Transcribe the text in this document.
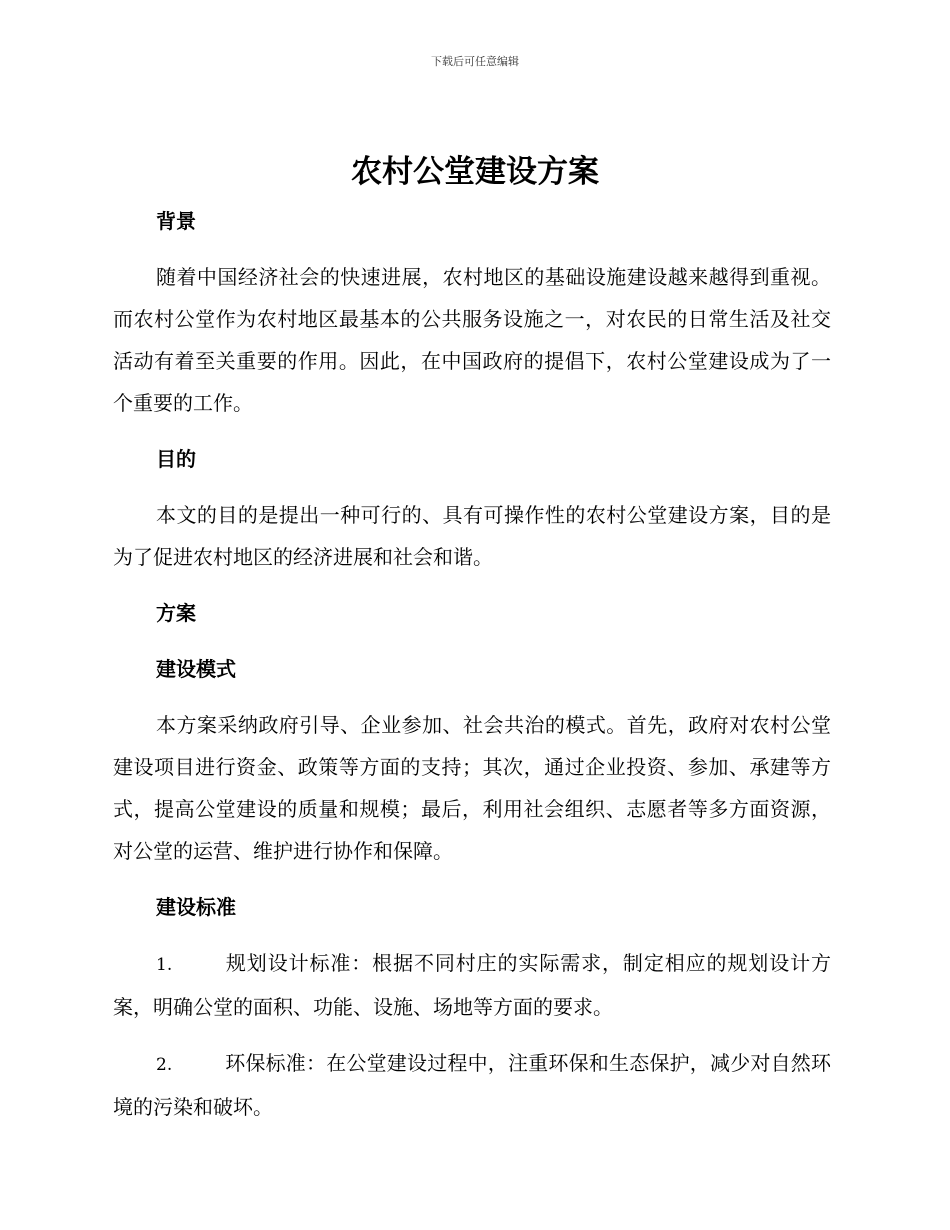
下载后可任意编辑
农村公堂建设方案
背景

随着中国经济社会的快速进展，农村地区的基础设施建设越来越得到重视。而农村公堂作为农村地区最基本的公共服务设施之一，对农民的日常生活及社交活动有着至关重要的作用。因此，在中国政府的提倡下，农村公堂建设成为了一个重要的工作。

目的

本文的目的是提出一种可行的、具有可操作性的农村公堂建设方案，目的是为了促进农村地区的经济进展和社会和谐。

方案
建设模式

本方案采纳政府引导、企业参加、社会共治的模式。首先，政府对农村公堂建设项目进行资金、政策等方面的支持；其次，通过企业投资、参加、承建等方式，提高公堂建设的质量和规模；最后，利用社会组织、志愿者等多方面资源，对公堂的运营、维护进行协作和保障。

建设标准

1.	规划设计标准：根据不同村庄的实际需求，制定相应的规划设计方案，明确公堂的面积、功能、设施、场地等方面的要求。

2.	环保标准：在公堂建设过程中，注重环保和生态保护，减少对自然环境的污染和破坏。
